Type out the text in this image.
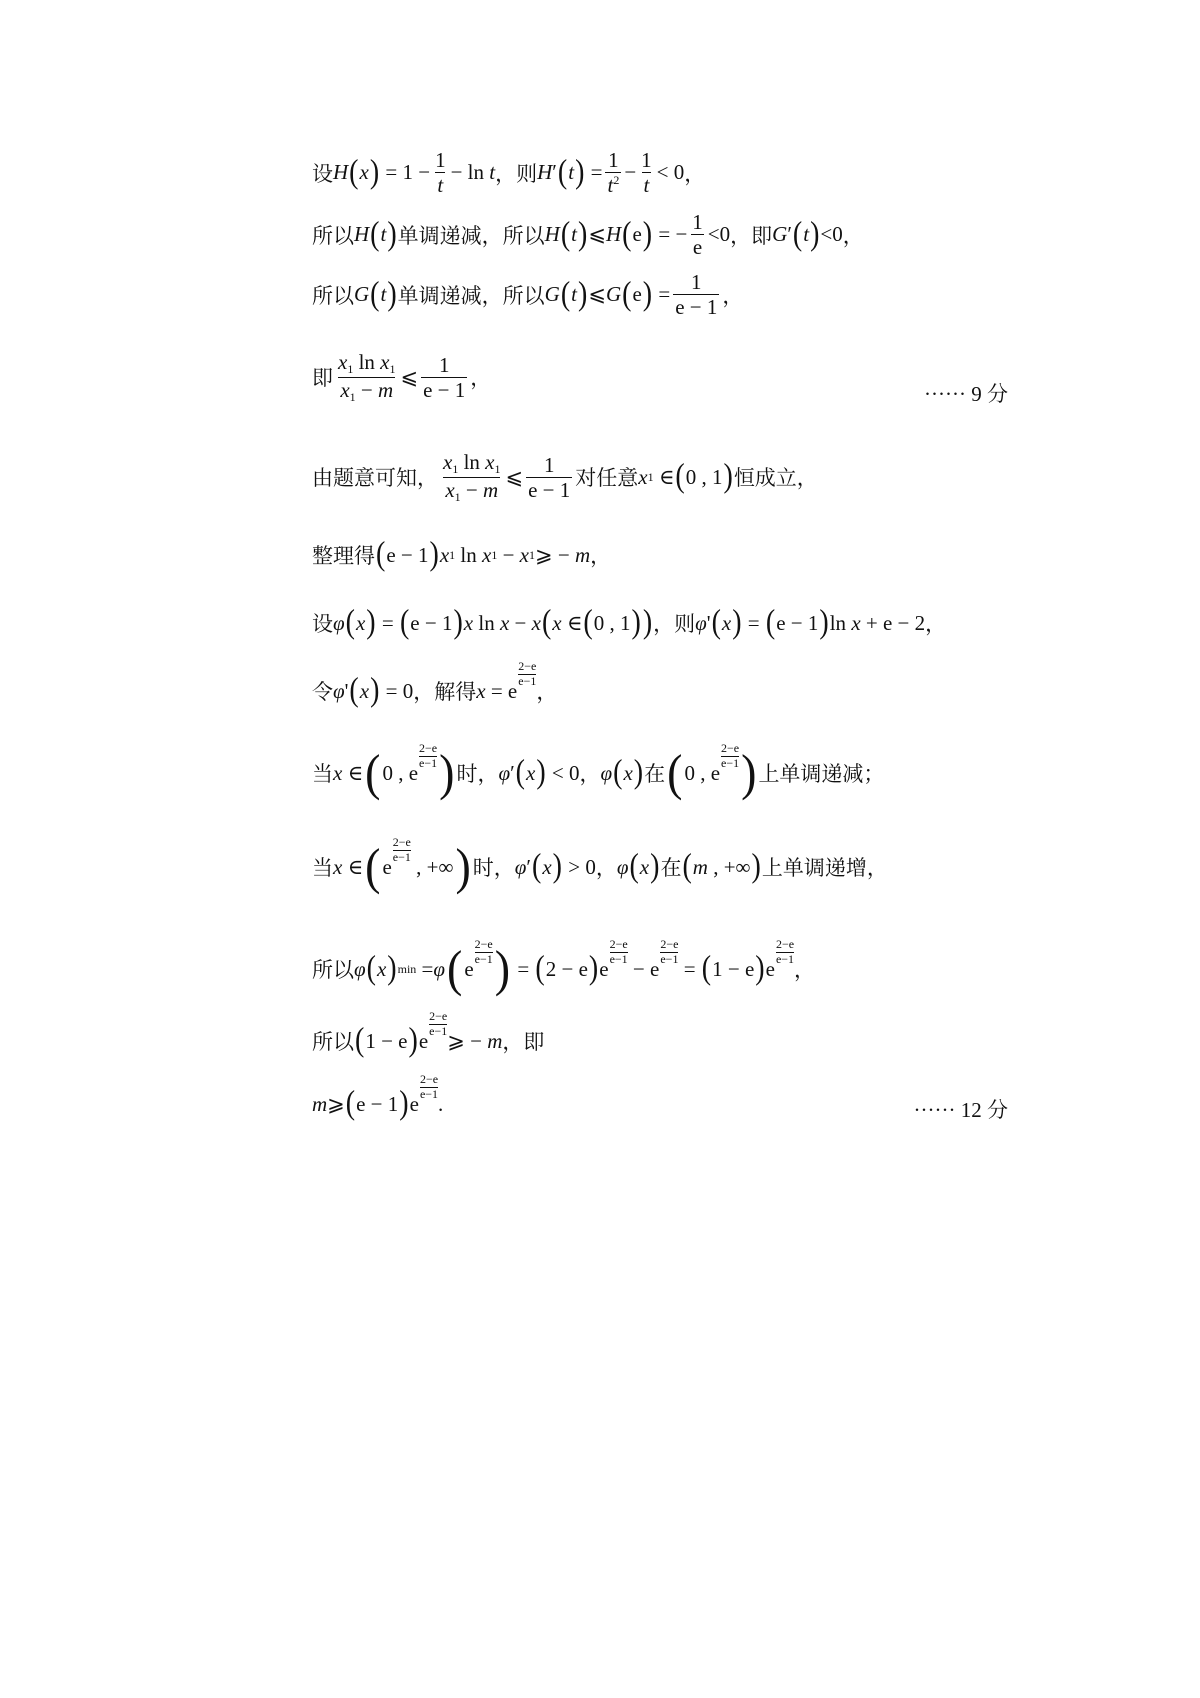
设 H ( x ) = $1 - \frac{1}{t} - \ln t$ ，则 H ′ ( t ) = $\frac{1}{t^2} - \frac{1}{t} < 0$ ，
所以 H ( t ) 单调递减，所以 H ( t ) ⩽ H ( e ) = − $\frac{1}{e} <0$ ，即 G ′ ( t ) <0 ，
所以 G ( t ) 单调递减，所以 G ( t ) ⩽ G ( e ) = $\frac{1}{e - 1}$ ，
即 $\frac{x_1 \ln x_1}{x_1 - m}$ ⩽ $\frac{1}{e - 1}$ ，
······ 9 分
由题意可知， $\frac{x_1 \ln x_1}{x_1 - m}$ ⩽ $\frac{1}{e - 1}$ 对任意 x 1 ∈ ( 0 , 1 ) 恒成立，
整理得 ( e − 1 ) x 1 ln x 1 − x 1 ⩾ − m ，
设 φ ( x ) = ( e − 1 ) x ln x − x ( x ∈ ( 0 , 1 ) ) ，则 φ ' ( x ) = ( e − 1 ) ln x + e − 2 ，
令 φ ' ( x ) = 0 ，解得 x = e
2−e
e−1 ，
当 x ∈ ( 0 , e
2−e
e−1 ) 时， φ ′ ( x ) < 0 ， φ ( x ) 在 ( 0 , e
2−e
e−1 ) 上单调递减；
当 x ∈ ( e
2−e
e−1 , +∞ ) 时， φ ′ ( x ) > 0 ， φ ( x ) 在 ( m , +∞ ) 上单调递增，
所以 φ ( x ) min = φ ( e
2−e
e−1 ) = ( 2 − e ) e
2−e
e−1 − e
2−e
e−1 = ( 1 − e ) e
2−e
e−1 ，
所以 ( 1 − e ) e
2−e
e−1 ⩾ − m ，即
m ⩾ ( e − 1 ) e
2−e
e−1 .	······ 12 分
